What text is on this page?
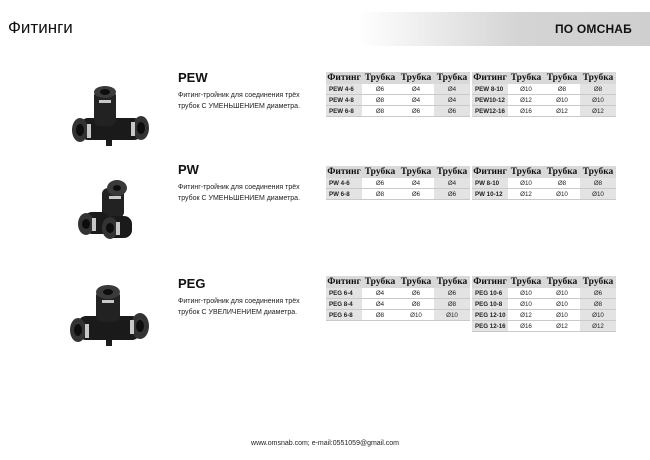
Фитинги	ПО ОМСНАБ
PEW
Фитинг-тройник для соединения трёх трубок С УМЕНЬШЕНИЕМ диаметра.
Фитинг	Трубка	Трубка	Трубка
PEW 4-6	Ø6	Ø4	Ø4
PEW 4-8	Ø8	Ø4	Ø4
PEW 6-8	Ø8	Ø6	Ø6
Фитинг	Трубка	Трубка	Трубка
PEW 8-10	Ø10	Ø8	Ø8
PEW10-12	Ø12	Ø10	Ø10
PEW12-16	Ø16	Ø12	Ø12
PW
Фитинг-тройник для соединения трёх трубок С УМЕНЬШЕНИЕМ диаметра.
Фитинг	Трубка	Трубка	Трубка
PW 4-6	Ø6	Ø4	Ø4
PW 6-8	Ø8	Ø6	Ø6
Фитинг	Трубка	Трубка	Трубка
PW 8-10	Ø10	Ø8	Ø8
PW 10-12	Ø12	Ø10	Ø10
PEG
Фитинг-тройник для соединения трёх трубок С УВЕЛИЧЕНИЕМ диаметра.
Фитинг	Трубка	Трубка	Трубка
PEG 6-4	Ø4	Ø6	Ø6
PEG 8-4	Ø4	Ø8	Ø8
PEG 6-8	Ø8	Ø10	Ø10
Фитинг	Трубка	Трубка	Трубка
PEG 10-6	Ø10	Ø10	Ø6
PEG 10-8	Ø10	Ø10	Ø8
PEG 12-10	Ø12	Ø10	Ø10
PEG 12-16	Ø16	Ø12	Ø12
www.omsnab.com; e-mail:0551059@gmail.com
